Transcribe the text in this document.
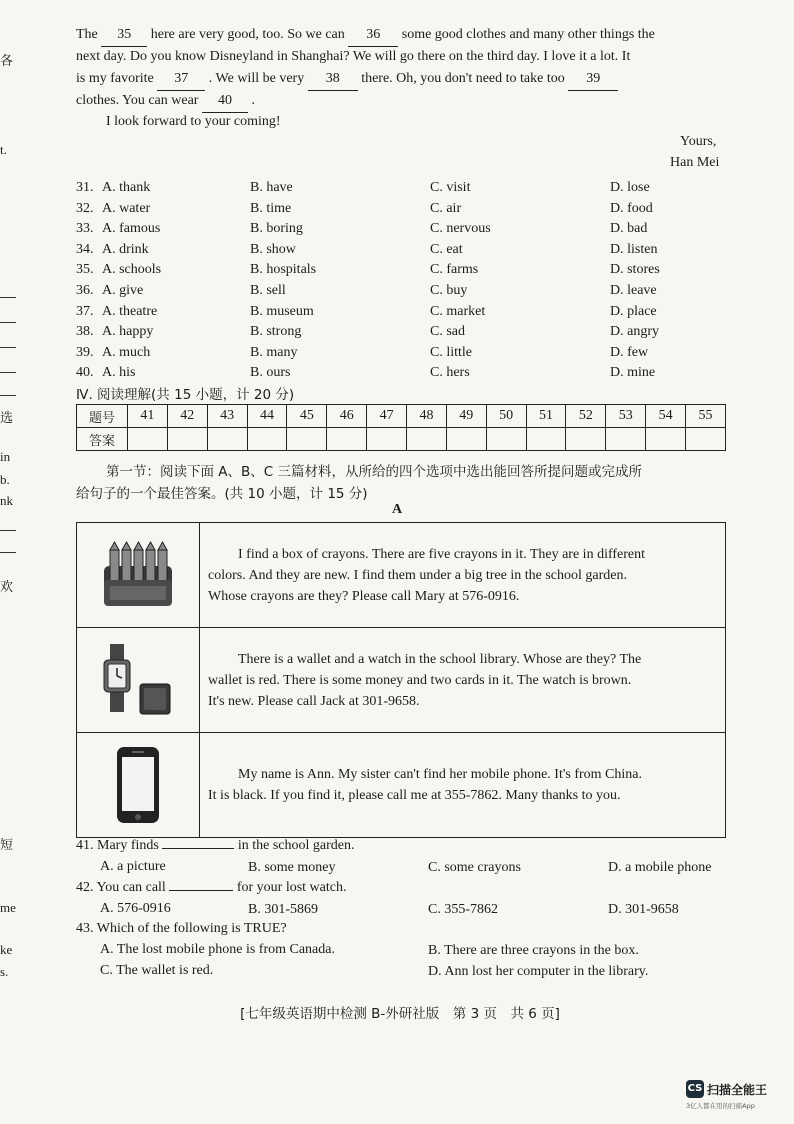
各
t.
选
in
b.
nk
欢
短
me
ke
s.
The 35 here are very good, too. So we can 36 some good clothes and many other things the
next day. Do you know Disneyland in Shanghai? We will go there on the third day. I love it a lot. It
is my favorite 37 . We will be very 38 there. Oh, you don't need to take too 39
clothes. You can wear 40 .
I look forward to your coming!
Yours,
Han Mei
31. A. thank	B. have	C. visit	D. lose
32. A. water	B. time	C. air	D. food
33. A. famous	B. boring	C. nervous	D. bad
34. A. drink	B. show	C. eat	D. listen
35. A. schools	B. hospitals	C. farms	D. stores
36. A. give	B. sell	C. buy	D. leave
37. A. theatre	B. museum	C. market	D. place
38. A. happy	B. strong	C. sad	D. angry
39. A. much	B. many	C. little	D. few
40. A. his	B. ours	C. hers	D. mine
Ⅳ. 阅读理解(共 15 小题，计 20 分)
题号	41	42	43	44	45	46	47	48	49	50	51	52	53	54	55
答案															
第一节：阅读下面 A、B、C 三篇材料，从所给的四个选项中选出能回答所提问题或完成所
给句子的一个最佳答案。(共 10 小题，计 15 分)
A
I find a box of crayons. There are five crayons in it. They are in different
colors. And they are new. I find them under a big tree in the school garden.
Whose crayons are they? Please call Mary at 576-0916.
There is a wallet and a watch in the school library. Whose are they? The
wallet is red. There is some money and two cards in it. The watch is brown.
It's new. Please call Jack at 301-9658.
My name is Ann. My sister can't find her mobile phone. It's from China.
It is black. If you find it, please call me at 355-7862. Many thanks to you.
41. Mary finds	in the school garden.
A. a picture	B. some money	C. some crayons	D. a mobile phone
42. You can call	for your lost watch.
A. 576-0916	B. 301-5869	C. 355-7862	D. 301-9658
43. Which of the following is TRUE?
A. The lost mobile phone is from Canada.	B. There are three crayons in the box.
C. The wallet is red.	D. Ann lost her computer in the library.
[七年级英语期中检测 B-外研社版　第 3 页　共 6 页]
CS 扫描全能王
3亿人都在用的扫描App
